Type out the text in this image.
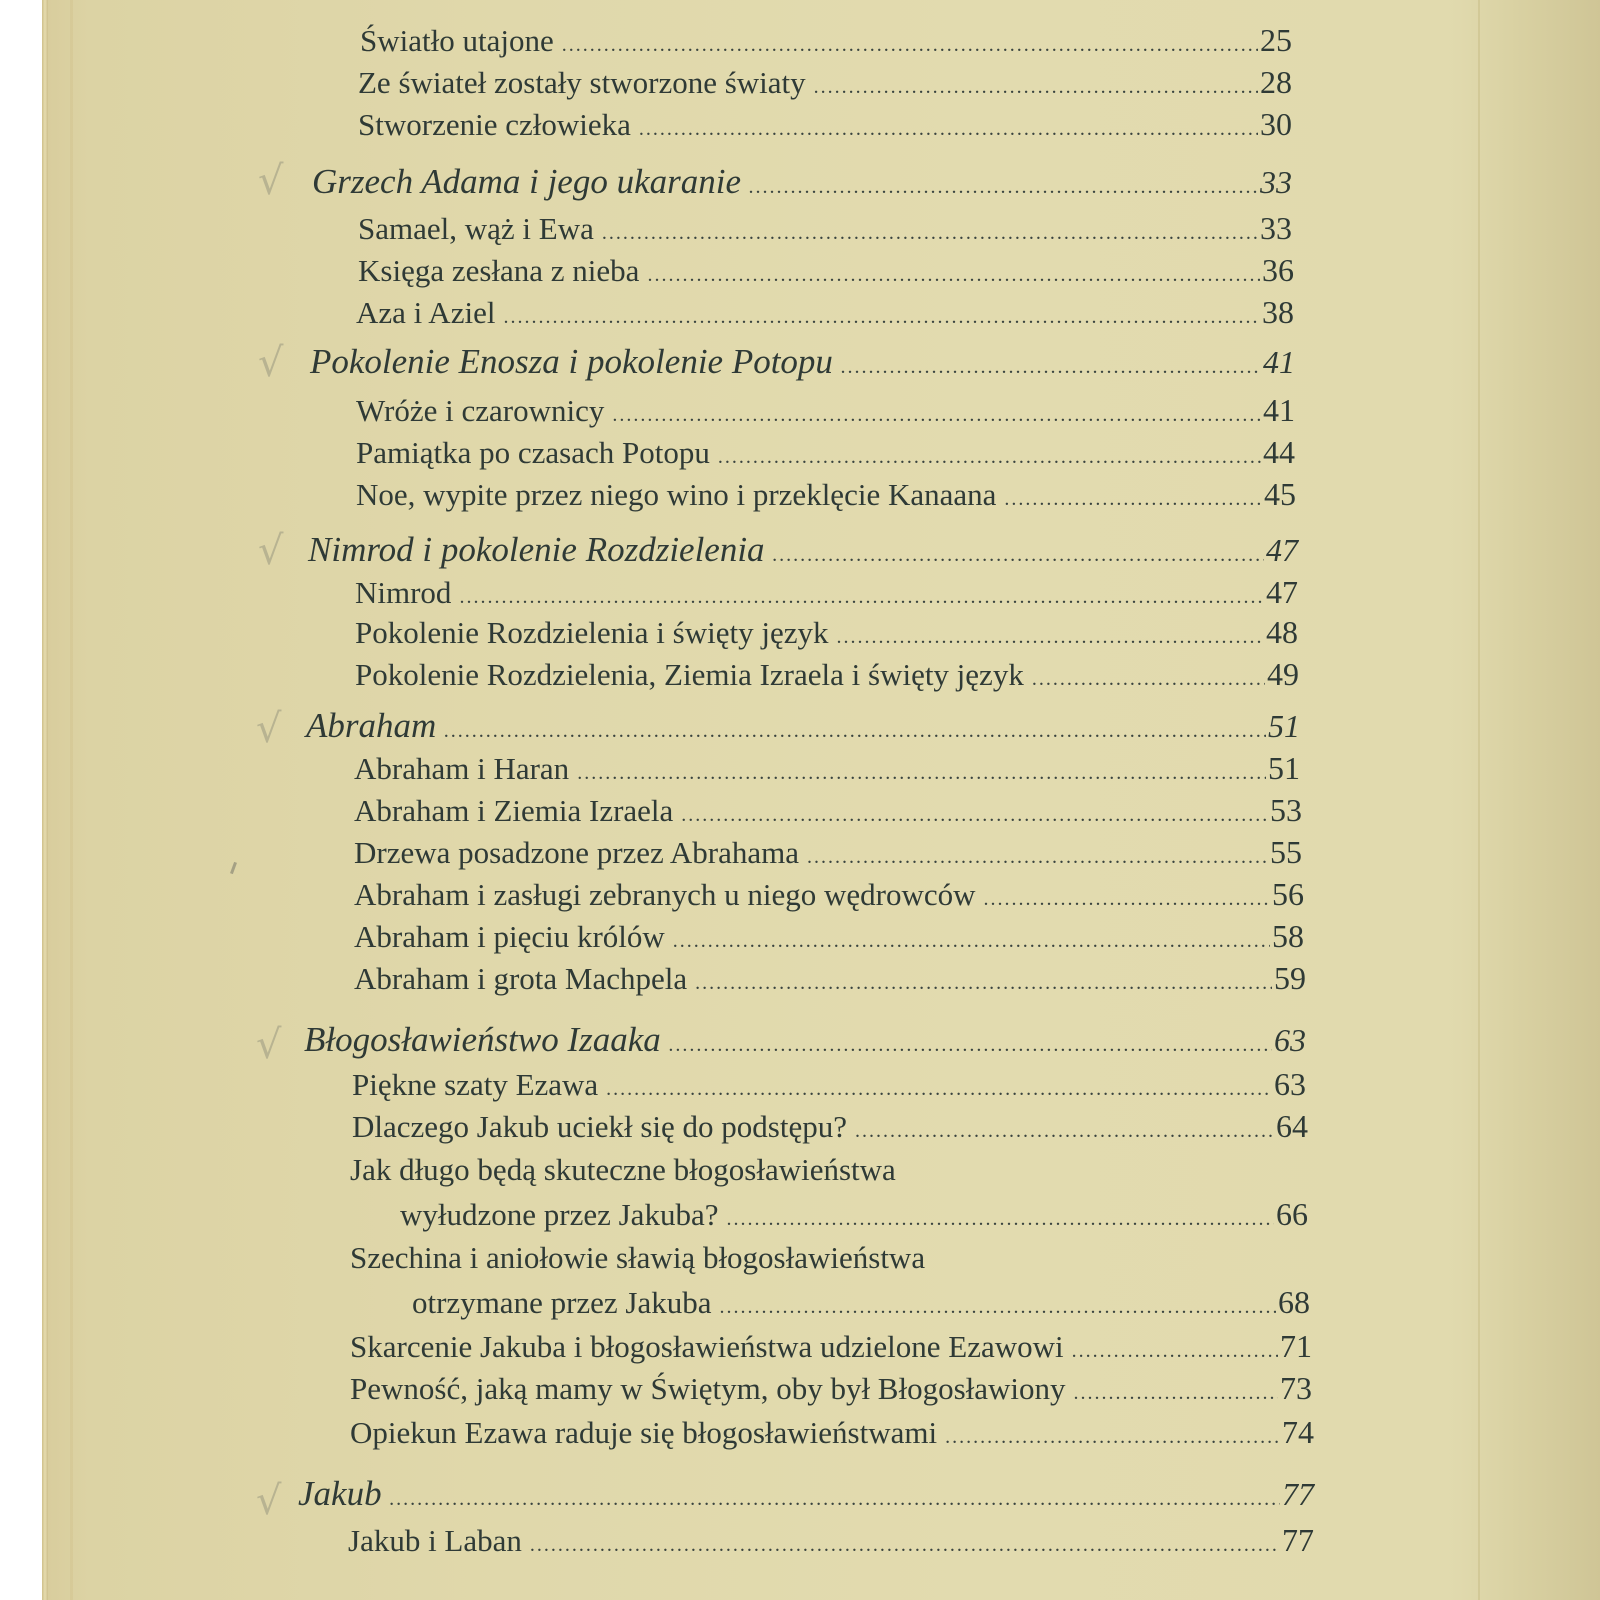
Światło utajone .....	25
Ze świateł zostały stworzone światy .....	28
Stworzenie człowieka .....	30
√ Grzech Adama i jego ukaranie .....	33
Samael, wąż i Ewa .....	33
Księga zesłana z nieba .....	36
Aza i Aziel .....	38
√ Pokolenie Enosza i pokolenie Potopu .....	41
Wróże i czarownicy .....	41
Pamiątka po czasach Potopu .....	44
Noe, wypite przez niego wino i przeklęcie Kanaana .....	45
√ Nimrod i pokolenie Rozdzielenia .....	47
Nimrod .....	47
Pokolenie Rozdzielenia i święty język .....	48
Pokolenie Rozdzielenia, Ziemia Izraela i święty język .....	49
√ Abraham .....	51
Abraham i Haran .....	51
Abraham i Ziemia Izraela .....	53
Drzewa posadzone przez Abrahama .....	55
Abraham i zasługi zebranych u niego wędrowców .....	56
Abraham i pięciu królów .....	58
Abraham i grota Machpela .....	59
√ Błogosławieństwo Izaaka .....	63
Piękne szaty Ezawa .....	63
Dlaczego Jakub uciekł się do podstępu? .....	64
Jak długo będą skuteczne błogosławieństwa
wyłudzone przez Jakuba? .....	66
Szechina i aniołowie sławią błogosławieństwa
otrzymane przez Jakuba .....	68
Skarcenie Jakuba i błogosławieństwa udzielone Ezawowi .....	71
Pewność, jaką mamy w Świętym, oby był Błogosławiony .....	73
Opiekun Ezawa raduje się błogosławieństwami .....	74
√ Jakub .....	77
Jakub i Laban .....	77
